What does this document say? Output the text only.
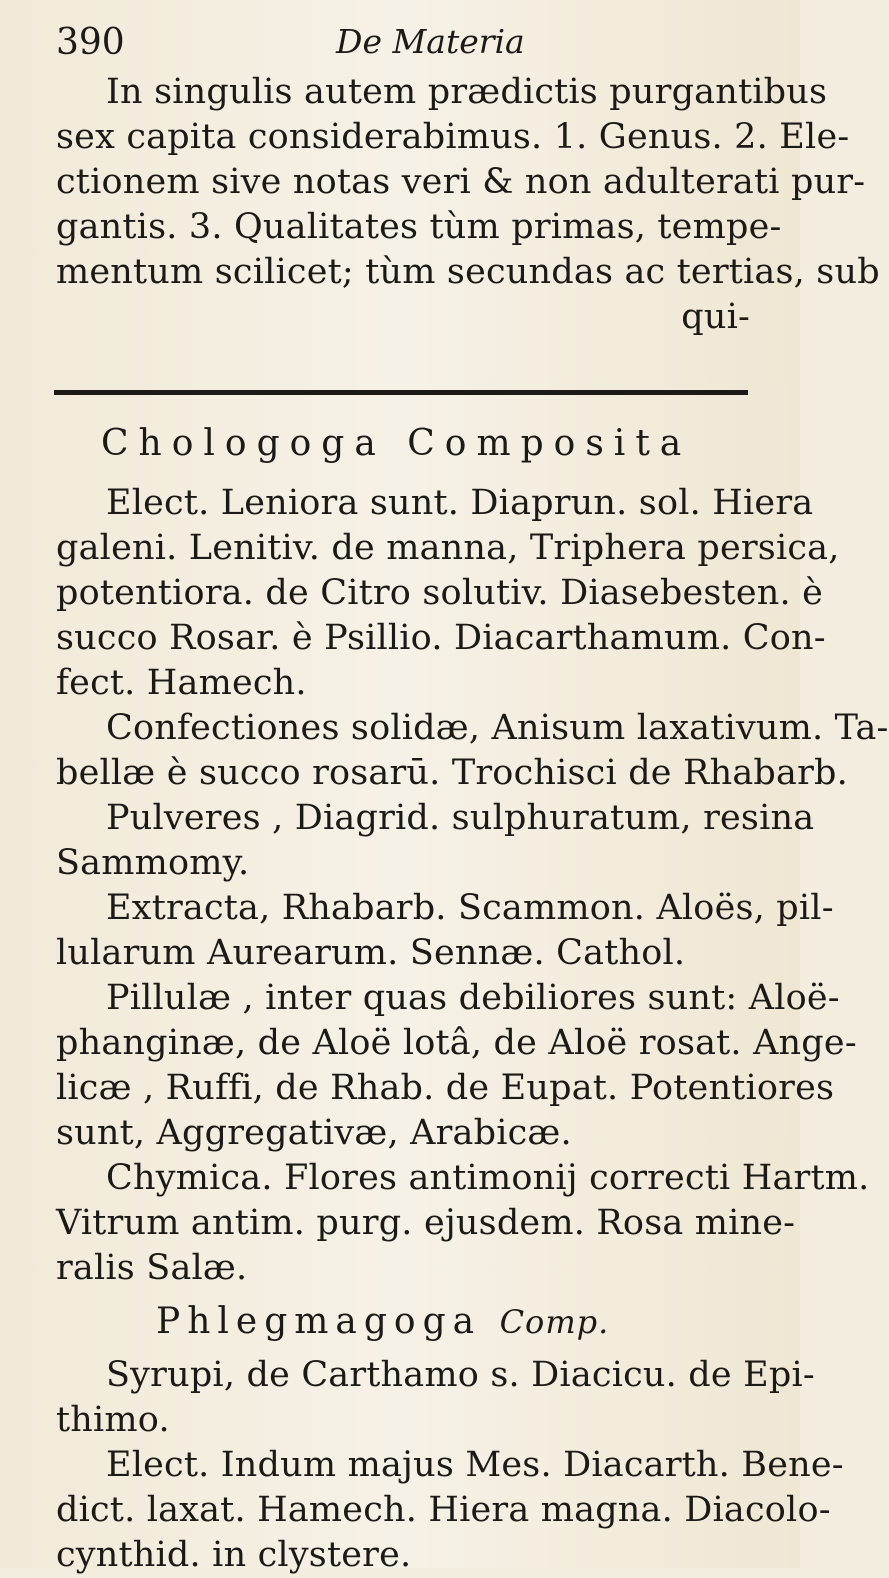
390	De Materia
In singulis autem prædictis purgantibus
sex capita considerabimus. 1. Genus. 2. Ele-
ctionem sive notas veri & non adulterati pur-
gantis. 3. Qualitates tùm primas, tempe-
mentum scilicet; tùm secundas ac tertias, sub
qui-
Chologoga Composita
Elect. Leniora sunt. Diaprun. sol. Hiera
galeni. Lenitiv. de manna, Triphera persica,
potentiora. de Citro solutiv. Diasebesten. è
succo Rosar. è Psillio. Diacarthamum. Con-
fect. Hamech.
Confectiones solidæ, Anisum laxativum. Ta-
bellæ è succo rosarū. Trochisci de Rhabarb.
Pulveres , Diagrid. sulphuratum, resina
Sammomy.
Extracta, Rhabarb. Scammon. Aloës, pil-
lularum Aurearum. Sennæ. Cathol.
Pillulæ , inter quas debiliores sunt: Aloë-
phanginæ, de Aloë lotâ, de Aloë rosat. Ange-
licæ , Ruffi, de Rhab. de Eupat. Potentiores
sunt, Aggregativæ, Arabicæ.
Chymica. Flores antimonij correcti Hartm.
Vitrum antim. purg. ejusdem. Rosa mine-
ralis Salæ.
Phlegmagoga Comp.
Syrupi, de Carthamo s. Diacicu. de Epi-
thimo.
Elect. Indum majus Mes. Diacarth. Bene-
dict. laxat. Hamech. Hiera magna. Diacolo-
cynthid. in clystere.
